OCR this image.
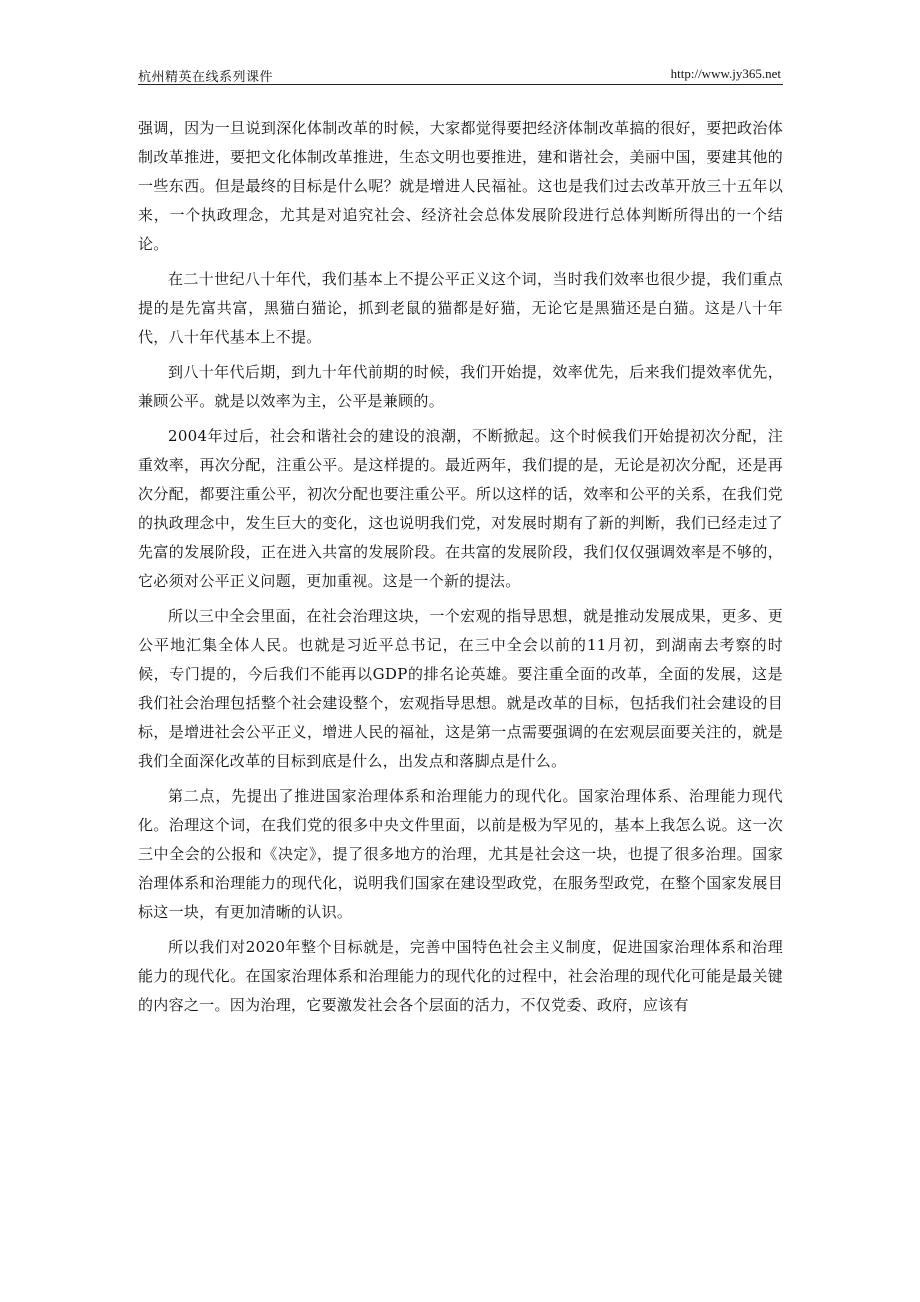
杭州精英在线系列课件	http://www.jy365.net

强调，因为一旦说到深化体制改革的时候，大家都觉得要把经济体制改革搞的很好，要把政治体制改革推进，要把文化体制改革推进，生态文明也要推进，建和谐社会，美丽中国，要建其他的一些东西。但是最终的目标是什么呢？就是增进人民福祉。这也是我们过去改革开放三十五年以来，一个执政理念，尤其是对追究社会、经济社会总体发展阶段进行总体判断所得出的一个结论。

在二十世纪八十年代，我们基本上不提公平正义这个词，当时我们效率也很少提，我们重点提的是先富共富，黑猫白猫论，抓到老鼠的猫都是好猫，无论它是黑猫还是白猫。这是八十年代，八十年代基本上不提。

到八十年代后期，到九十年代前期的时候，我们开始提，效率优先，后来我们提效率优先，兼顾公平。就是以效率为主，公平是兼顾的。

2004年过后，社会和谐社会的建设的浪潮，不断掀起。这个时候我们开始提初次分配，注重效率，再次分配，注重公平。是这样提的。最近两年，我们提的是，无论是初次分配，还是再次分配，都要注重公平，初次分配也要注重公平。所以这样的话，效率和公平的关系，在我们党的执政理念中，发生巨大的变化，这也说明我们党，对发展时期有了新的判断，我们已经走过了先富的发展阶段，正在进入共富的发展阶段。在共富的发展阶段，我们仅仅强调效率是不够的，它必须对公平正义问题，更加重视。这是一个新的提法。

所以三中全会里面，在社会治理这块，一个宏观的指导思想，就是推动发展成果，更多、更公平地汇集全体人民。也就是习近平总书记，在三中全会以前的11月初，到湖南去考察的时候，专门提的，今后我们不能再以GDP的排名论英雄。要注重全面的改革，全面的发展，这是我们社会治理包括整个社会建设整个，宏观指导思想。就是改革的目标，包括我们社会建设的目标，是增进社会公平正义，增进人民的福祉，这是第一点需要强调的在宏观层面要关注的，就是我们全面深化改革的目标到底是什么，出发点和落脚点是什么。

第二点，先提出了推进国家治理体系和治理能力的现代化。国家治理体系、治理能力现代化。治理这个词，在我们党的很多中央文件里面，以前是极为罕见的，基本上我怎么说。这一次三中全会的公报和《决定》，提了很多地方的治理，尤其是社会这一块，也提了很多治理。国家治理体系和治理能力的现代化，说明我们国家在建设型政党，在服务型政党，在整个国家发展目标这一块，有更加清晰的认识。

所以我们对2020年整个目标就是，完善中国特色社会主义制度，促进国家治理体系和治理能力的现代化。在国家治理体系和治理能力的现代化的过程中，社会治理的现代化可能是最关键的内容之一。因为治理，它要激发社会各个层面的活力，不仅党委、政府，应该有
